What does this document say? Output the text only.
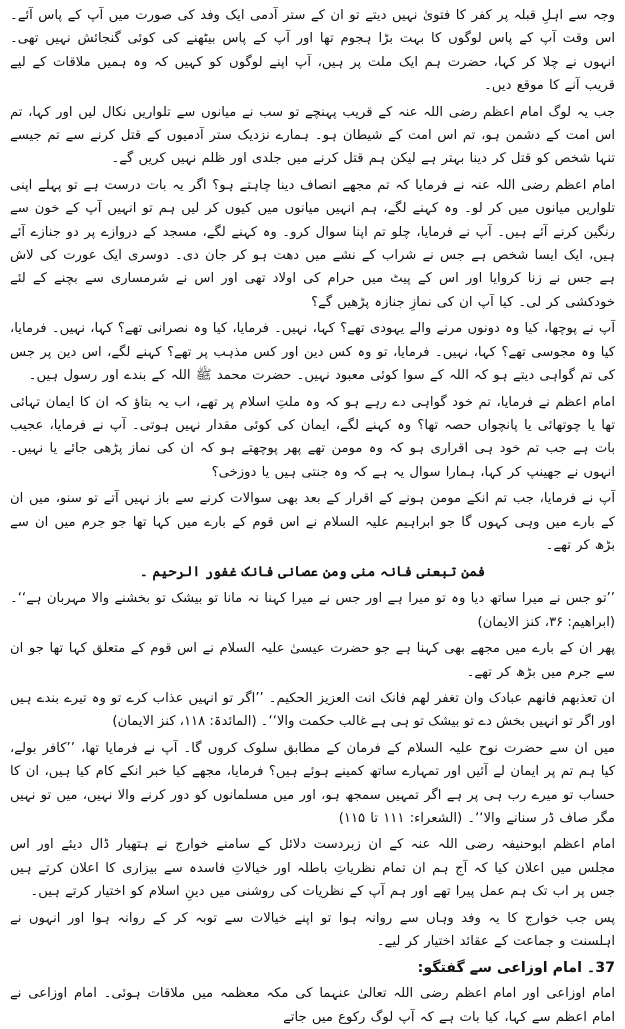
وجہ سے اہلِ قبلہ پر کفر کا فتویٰ نہیں دیتے تو ان کے ستر آدمی ایک وفد کی صورت میں آپ کے پاس آئے۔ اس وقت آپ کے پاس لوگوں کا بہت بڑا ہجوم تھا اور آپ کے پاس بیٹھنے کی کوئی گنجائش نہیں تھی۔ انہوں نے چلا کر کہا، حضرت ہم ایک ملت پر ہیں، آپ اپنے لوگوں کو کہیں کہ وہ ہمیں ملاقات کے لیے قریب آنے کا موقع دیں۔

جب یہ لوگ امام اعظم رضی اللہ عنہ کے قریب پہنچے تو سب نے میانوں سے تلواریں نکال لیں اور کہا، تم اس امت کے دشمن ہو، تم اس امت کے شیطان ہو۔ ہمارے نزدیک ستر آدمیوں کے قتل کرنے سے تم جیسے تنہا شخص کو قتل کر دینا بہتر ہے لیکن ہم قتل کرنے میں جلدی اور ظلم نہیں کریں گے۔

امام اعظم رضی اللہ عنہ نے فرمایا کہ تم مجھے انصاف دینا چاہتے ہو؟ اگر یہ بات درست ہے تو پہلے اپنی تلواریں میانوں میں کر لو۔ وہ کہنے لگے، ہم انہیں میانوں میں کیوں کر لیں ہم تو انہیں آپ کے خون سے رنگین کرنے آئے ہیں۔ آپ نے فرمایا، چلو تم اپنا سوال کرو۔ وہ کہنے لگے، مسجد کے دروازے پر دو جنازے آئے ہیں، ایک ایسا شخص ہے جس نے شراب کے نشے میں دھت ہو کر جان دی۔ دوسری ایک عورت کی لاش ہے جس نے زنا کروایا اور اس کے پیٹ میں حرام کی اولاد تھی اور اس نے شرمساری سے بچنے کے لئے خودکشی کر لی۔ کیا آپ ان کی نمازِ جنازہ پڑھیں گے؟

آپ نے پوچھا، کیا وہ دونوں مرنے والے یہودی تھے؟ کہا، نہیں۔ فرمایا، کیا وہ نصرانی تھے؟ کہا، نہیں۔ فرمایا، کیا وہ مجوسی تھے؟ کہا، نہیں۔ فرمایا، تو وہ کس دین اور کس مذہب پر تھے؟ کہنے لگے، اس دین پر جس کی تم گواہی دیتے ہو کہ اللہ کے سوا کوئی معبود نہیں۔ حضرت محمد ﷺ اللہ کے بندے اور رسول ہیں۔

امام اعظم نے فرمایا، تم خود گواہی دے رہے ہو کہ وہ ملتِ اسلام پر تھے، اب یہ بتاؤ کہ ان کا ایمان تہائی تھا یا چوتھائی یا پانچواں حصہ تھا؟ وہ کہنے لگے، ایمان کی کوئی مقدار نہیں ہوتی۔ آپ نے فرمایا، عجیب بات ہے جب تم خود ہی اقراری ہو کہ وہ مومن تھے پھر پوچھتے ہو کہ ان کی نماز پڑھی جائے یا نہیں۔ انہوں نے جھینپ کر کہا، ہمارا سوال یہ ہے کہ وہ جنتی ہیں یا دوزخی؟

آپ نے فرمایا، جب تم انکے مومن ہونے کے اقرار کے بعد بھی سوالات کرنے سے باز نہیں آتے تو سنو، میں ان کے بارے میں وہی کہوں گا جو ابراہیم علیہ السلام نے اس قوم کے بارے میں کہا تھا جو جرم میں ان سے بڑھ کر تھے۔

فمن تبعنی فانہ منی ومن عصانی فانک غفور الرحیم ۔

’’تو جس نے میرا ساتھ دیا وہ تو میرا ہے اور جس نے میرا کہنا نہ مانا تو بیشک تو بخشنے والا مہربان ہے‘‘۔ (ابراھیم: ۳۶، کنز الایمان)

پھر ان کے بارے میں مجھے بھی کہنا ہے جو حضرت عیسیٰ علیہ السلام نے اس قوم کے متعلق کہا تھا جو ان سے جرم میں بڑھ کر تھے۔

ان تعذبھم فانھم عبادک وان تغفر لھم فانک انت العزیز الحکیم۔ ’’اگر تو انہیں عذاب کرے تو وہ تیرے بندے ہیں اور اگر تو انہیں بخش دے تو بیشک تو ہی ہے غالب حکمت والا‘‘۔ (المائدۃ: ۱۱۸، کنز الایمان)

میں ان سے حضرت نوح علیہ السلام کے فرمان کے مطابق سلوک کروں گا۔ آپ نے فرمایا تھا، ’’کافر بولے، کیا ہم تم پر ایمان لے آئیں اور تمہارے ساتھ کمینے ہوئے ہیں؟ فرمایا، مجھے کیا خبر انکے کام کیا ہیں، ان کا حساب تو میرے رب ہی پر ہے اگر تمہیں سمجھ ہو، اور میں مسلمانوں کو دور کرنے والا نہیں، میں تو نہیں مگر صاف ڈر سنانے والا‘‘۔ (الشعراء: ۱۱۱ تا ۱۱۵)

امام اعظم ابوحنیفہ رضی اللہ عنہ کے ان زبردست دلائل کے سامنے خوارج نے ہتھیار ڈال دیئے اور اس مجلس میں اعلان کیا کہ آج ہم ان تمام نظریاتِ باطلہ اور خیالاتِ فاسدہ سے بیزاری کا اعلان کرتے ہیں جس پر اب تک ہم عمل پیرا تھے اور ہم آپ کے نظریات کی روشنی میں دینِ اسلام کو اختیار کرتے ہیں۔

پس جب خوارج کا یہ وفد وہاں سے روانہ ہوا تو اپنے خیالات سے توبہ کر کے روانہ ہوا اور انہوں نے اہلسنت و جماعت کے عقائد اختیار کر لیے۔

37۔ امام اوزاعی سے گفتگو:

امام اوزاعی اور امام اعظم رضی اللہ تعالیٰ عنہما کی مکہ معظمہ میں ملاقات ہوئی۔ امام اوزاعی نے امام اعظم سے کہا، کیا بات ہے کہ آپ لوگ رکوع میں جاتے
